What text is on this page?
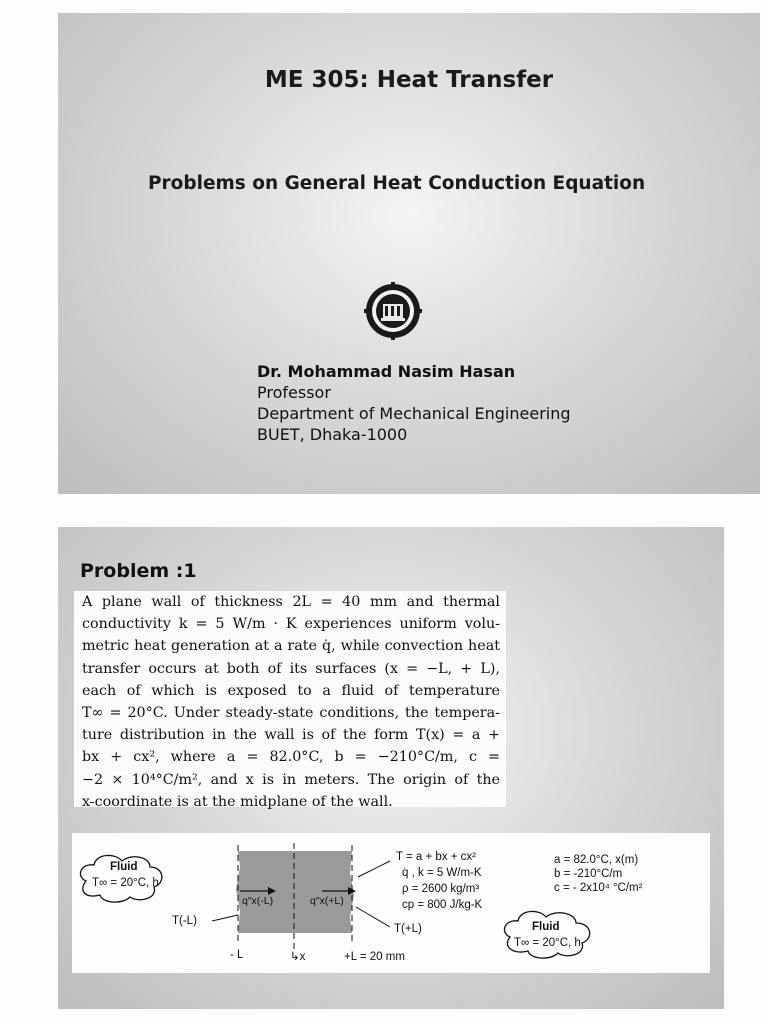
ME 305: Heat Transfer
Problems on General Heat Conduction Equation
Dr. Mohammad Nasim Hasan
Professor
Department of Mechanical Engineering
BUET, Dhaka-1000
Problem :1
A plane wall of thickness 2L = 40 mm and thermal
conductivity k = 5 W/m · K experiences uniform volu-
metric heat generation at a rate q̇, while convection heat
transfer occurs at both of its surfaces (x = −L, + L),
each of which is exposed to a fluid of temperature
T∞ = 20°C. Under steady-state conditions, the tempera-
ture distribution in the wall is of the form T(x) = a +
bx + cx², where a = 82.0°C, b = −210°C/m, c =
−2 × 10⁴°C/m², and x is in meters. The origin of the
x-coordinate is at the midplane of the wall.
Fluid
T∞ = 20°C, h
q″x(-L)	q″x(+L)
T(-L)
T(+L)
- L	↳x	+L = 20 mm
T = a + bx + cx²
q̇ , k = 5 W/m-K
ρ = 2600 kg/m³
cp = 800 J/kg-K
a = 82.0°C, x(m)
b = -210°C/m
c = - 2x10⁴ °C/m²
Fluid
T∞ = 20°C, h
